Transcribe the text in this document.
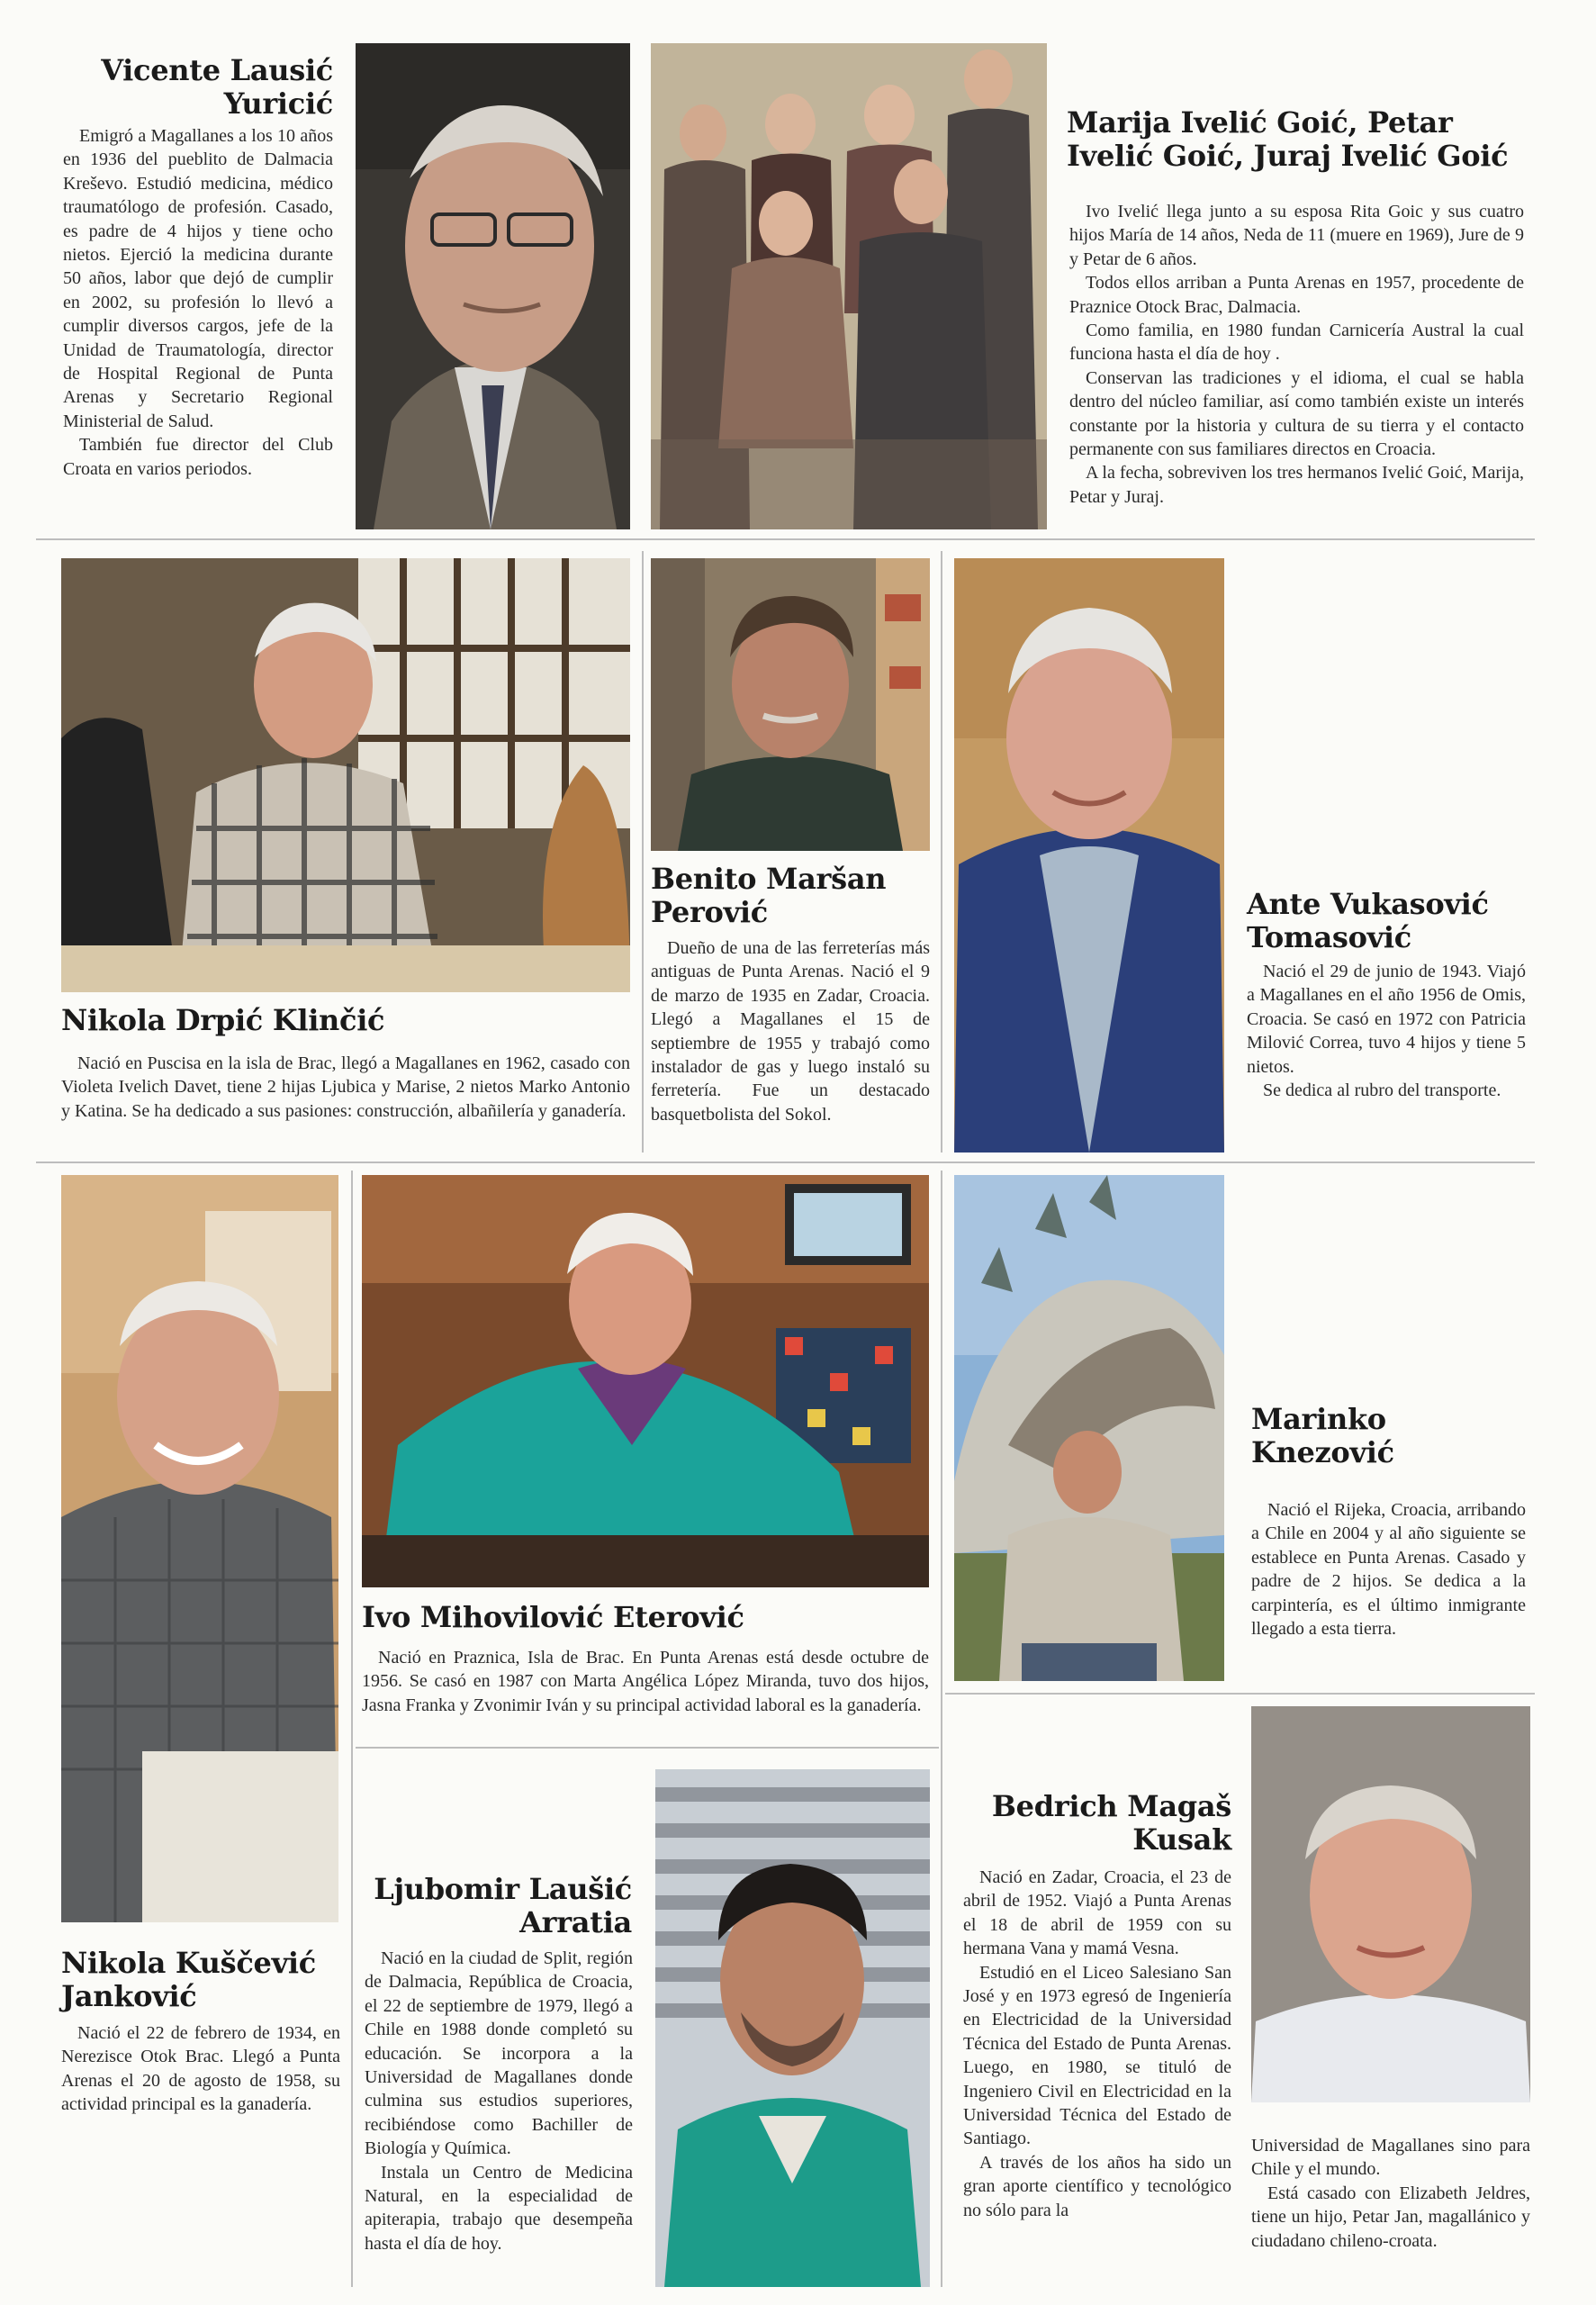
Vicente Lausić Yuricić

Emigró a Magallanes a los 10 años en 1936 del pueblito de Dalmacia Kreševo. Estudió medicina, médico traumatólogo de profesión. Casado, es padre de 4 hijos y tiene ocho nietos. Ejerció la medicina durante 50 años, labor que dejó de cumplir en 2002, su profesión lo llevó a cumplir diversos cargos, jefe de la Unidad de Traumatología, director de Hospital Regional de Punta Arenas y Secretario Regional Ministerial de Salud.

También fue director del Club Croata en varios periodos.

Marija Ivelić Goić, Petar Ivelić Goić, Juraj Ivelić Goić

Ivo Ivelić llega junto a su esposa Rita Goic y sus cuatro hijos María de 14 años, Neda de 11 (muere en 1969), Jure de 9 y Petar de 6 años.

Todos ellos arriban a Punta Arenas en 1957, procedente de Praznice Otock Brac, Dalmacia.

Como familia, en 1980 fundan Carnicería Austral la cual funciona hasta el día de hoy .

Conservan las tradiciones y el idioma, el cual se habla dentro del núcleo familiar, así como también existe un interés constante por la historia y cultura de su tierra y el contacto permanente con sus familiares directos en Croacia.

A la fecha, sobreviven los tres hermanos Ivelić Goić, Marija, Petar y Juraj.

Nikola Drpić Klinčić

Nació en Puscisa en la isla de Brac, llegó a Magallanes en 1962, casado con Violeta Ivelich Davet, tiene 2 hijas Ljubica y Marise, 2 nietos Marko Antonio y Katina. Se ha dedicado a sus pasiones: construcción, albañilería y ganadería.

Benito Maršan Perović

Dueño de una de las ferreterías más antiguas de Punta Arenas. Nació el 9 de marzo de 1935 en Zadar, Croacia. Llegó a Magallanes el 15 de septiembre de 1955 y trabajó como instalador de gas y luego instaló su ferretería. Fue un destacado basquetbolista del Sokol.

Ante Vukasović Tomasović

Nació el 29 de junio de 1943. Viajó a Magallanes en el año 1956 de Omis, Croacia. Se casó en 1972 con Patricia Milović Correa, tuvo 4 hijos y tiene 5 nietos.

Se dedica al rubro del transporte.

Nikola Kuščević Janković

Nació el 22 de febrero de 1934, en Nerezisce Otok Brac. Llegó a Punta Arenas el 20 de agosto de 1958, su actividad principal es la ganadería.

Ivo Mihovilović Eterović

Nació en Praznica, Isla de Brac. En Punta Arenas está desde octubre de 1956. Se casó en 1987 con Marta Angélica López Miranda, tuvo dos hijos, Jasna Franka y Zvonimir Iván y su principal actividad laboral es la ganadería.

Marinko Knezović

Nació el Rijeka, Croacia, arribando a Chile en 2004 y al año siguiente se establece en Punta Arenas. Casado y padre de 2 hijos. Se dedica a la carpintería, es el último inmigrante llegado a esta tierra.

Ljubomir Laušić Arratia

Nació en la ciudad de Split, región de Dalmacia, República de Croacia, el 22 de septiembre de 1979, llegó a Chile en 1988 donde completó su educación. Se incorpora a la Universidad de Magallanes donde culmina sus estudios superiores, recibiéndose como Bachiller de Biología y Química.

Instala un Centro de Medicina Natural, en la especialidad de apiterapia, trabajo que desempeña hasta el día de hoy.

Bedrich Magaš Kusak

Nació en Zadar, Croacia, el 23 de abril de 1952. Viajó a Punta Arenas el 18 de abril de 1959 con su hermana Vana y mamá Vesna.

Estudió en el Liceo Salesiano San José y en 1973 egresó de Ingeniería en Electricidad de la Universidad Técnica del Estado de Punta Arenas. Luego, en 1980, se tituló de Ingeniero Civil en Electricidad en la Universidad Técnica del Estado de Santiago.

A través de los años ha sido un gran aporte científico y tecnológico no sólo para la

Universidad de Magallanes sino para Chile y el mundo.

Está casado con Elizabeth Jeldres, tiene un hijo, Petar Jan, magallánico y ciudadano chileno-croata.
